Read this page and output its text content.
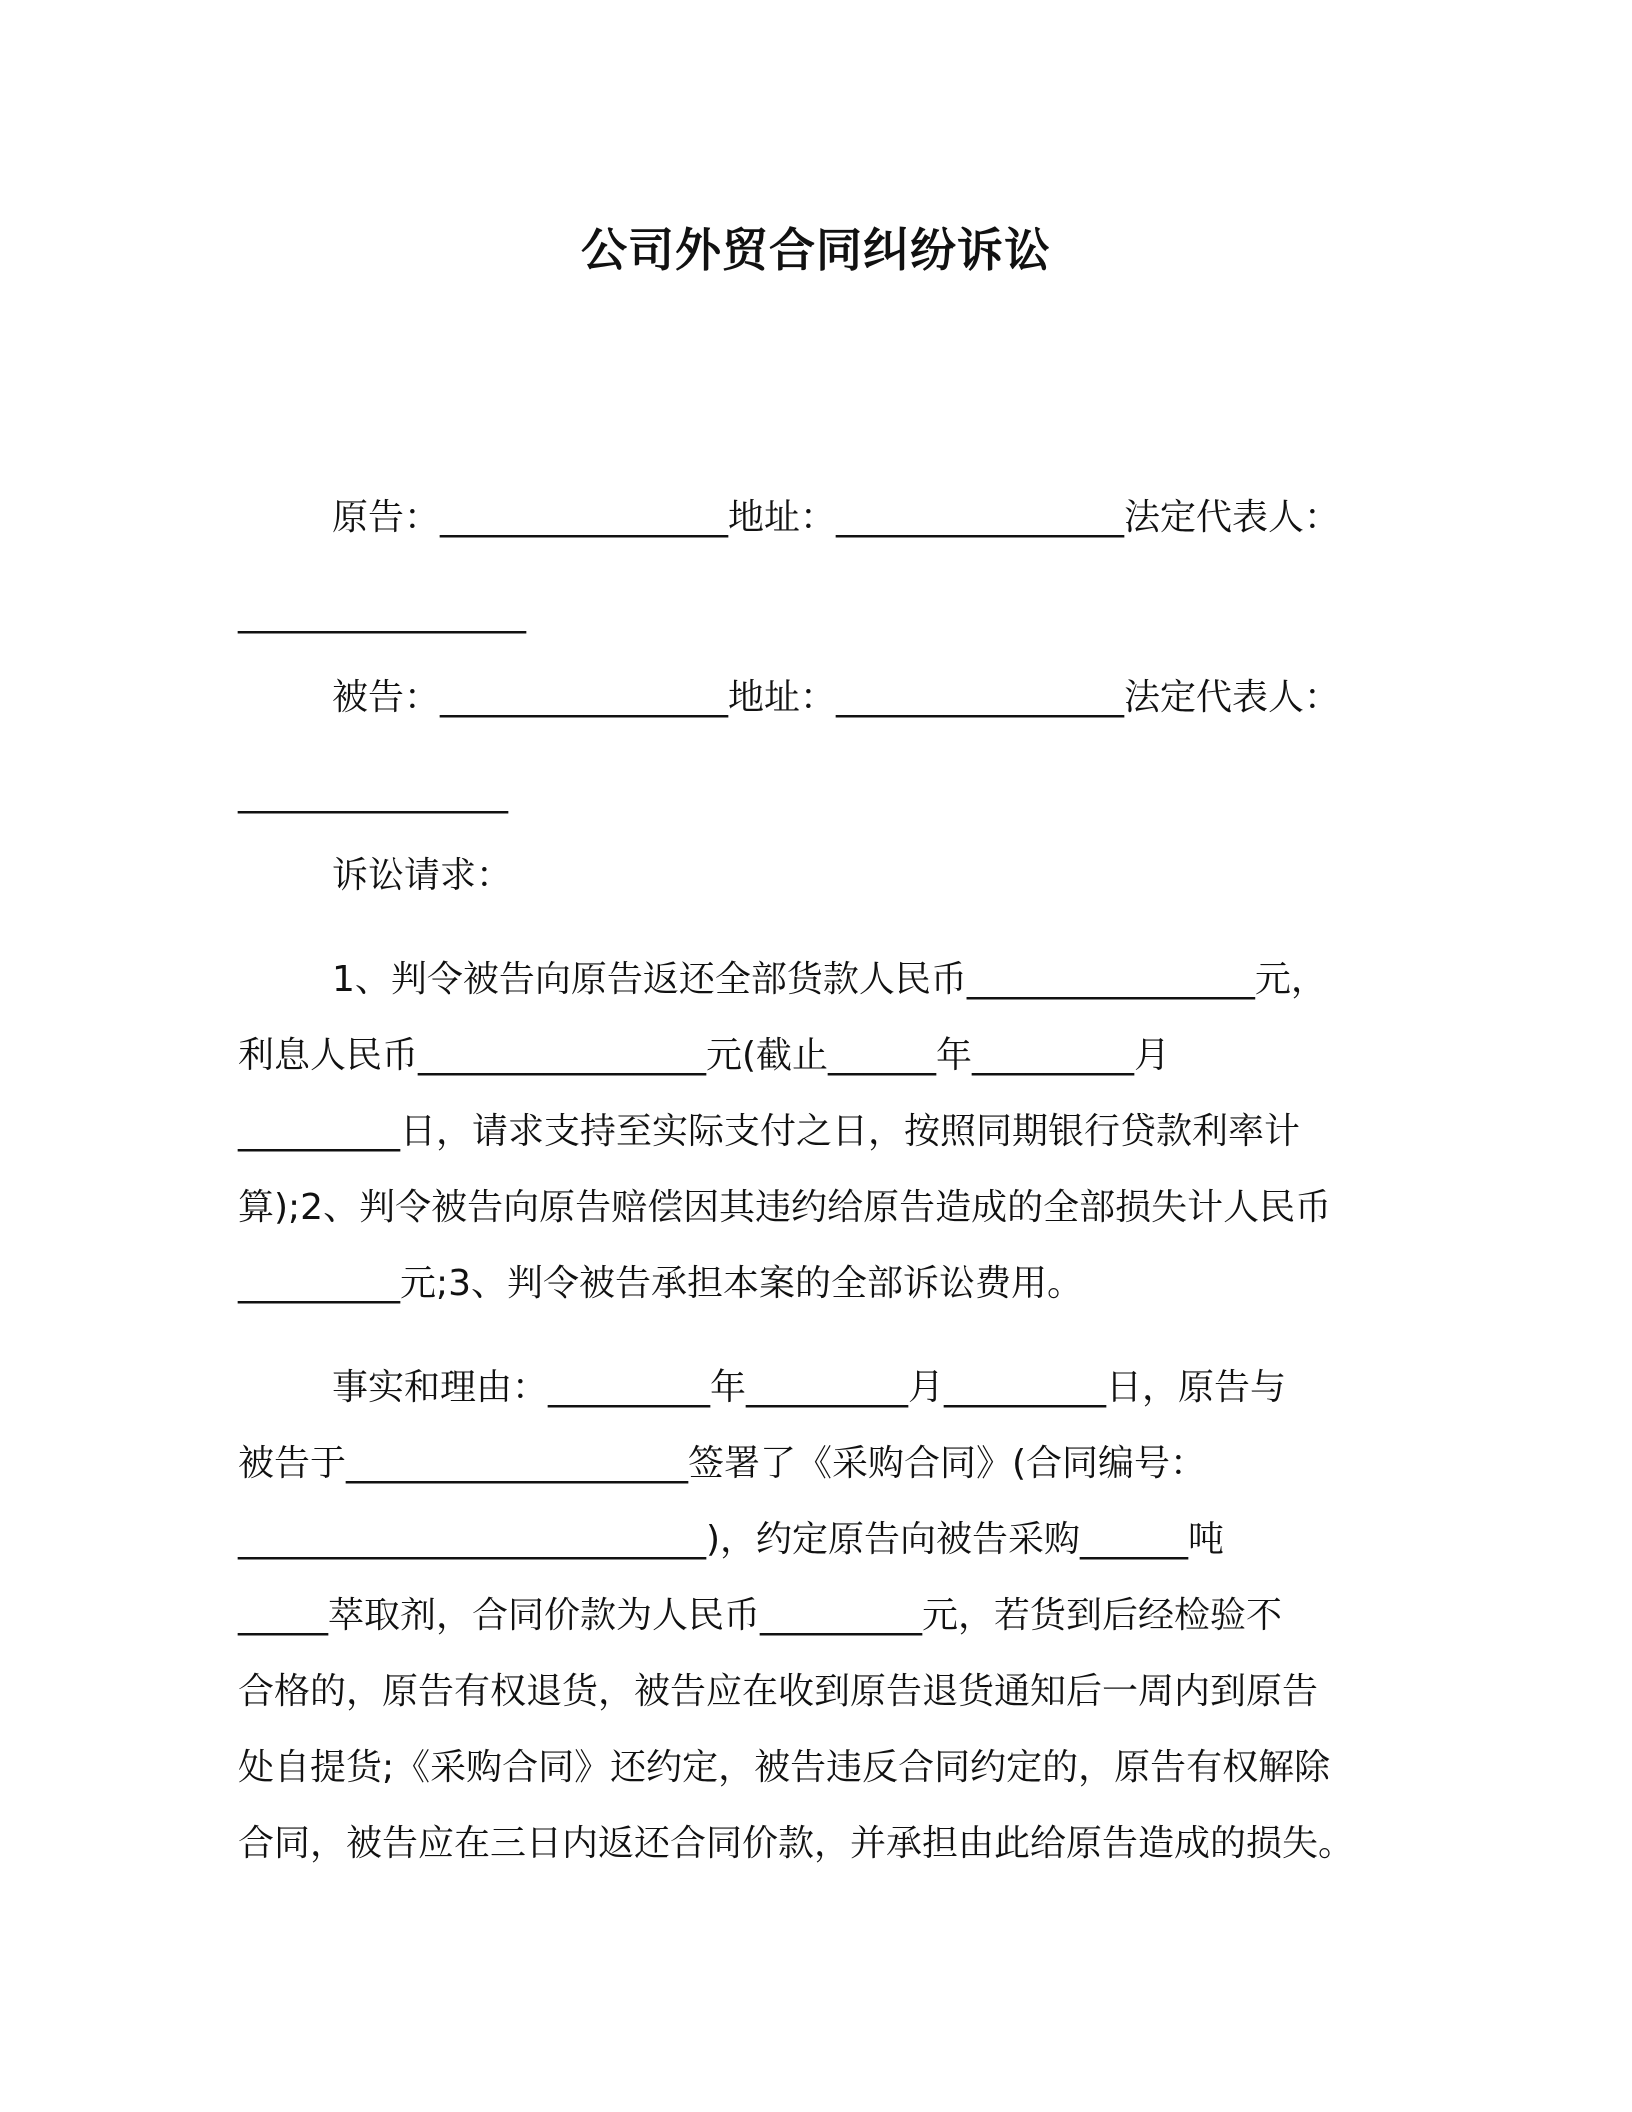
公司外贸合同纠纷诉讼
原告：________________地址：________________法定代表人：
________________
被告：________________地址：________________法定代表人：
_______________
诉讼请求：
1、判令被告向原告返还全部货款人民币________________元，
利息人民币________________元(截止______年_________月
_________日，请求支持至实际支付之日，按照同期银行贷款利率计
算);2、判令被告向原告赔偿因其违约给原告造成的全部损失计人民币
_________元;3、判令被告承担本案的全部诉讼费用。
事实和理由：_________年_________月_________日，原告与
被告于___________________签署了《采购合同》(合同编号：
__________________________)，约定原告向被告采购______吨
_____萃取剂，合同价款为人民币_________元，若货到后经检验不
合格的，原告有权退货，被告应在收到原告退货通知后一周内到原告
处自提货;《采购合同》还约定，被告违反合同约定的，原告有权解除
合同，被告应在三日内返还合同价款，并承担由此给原告造成的损失。
